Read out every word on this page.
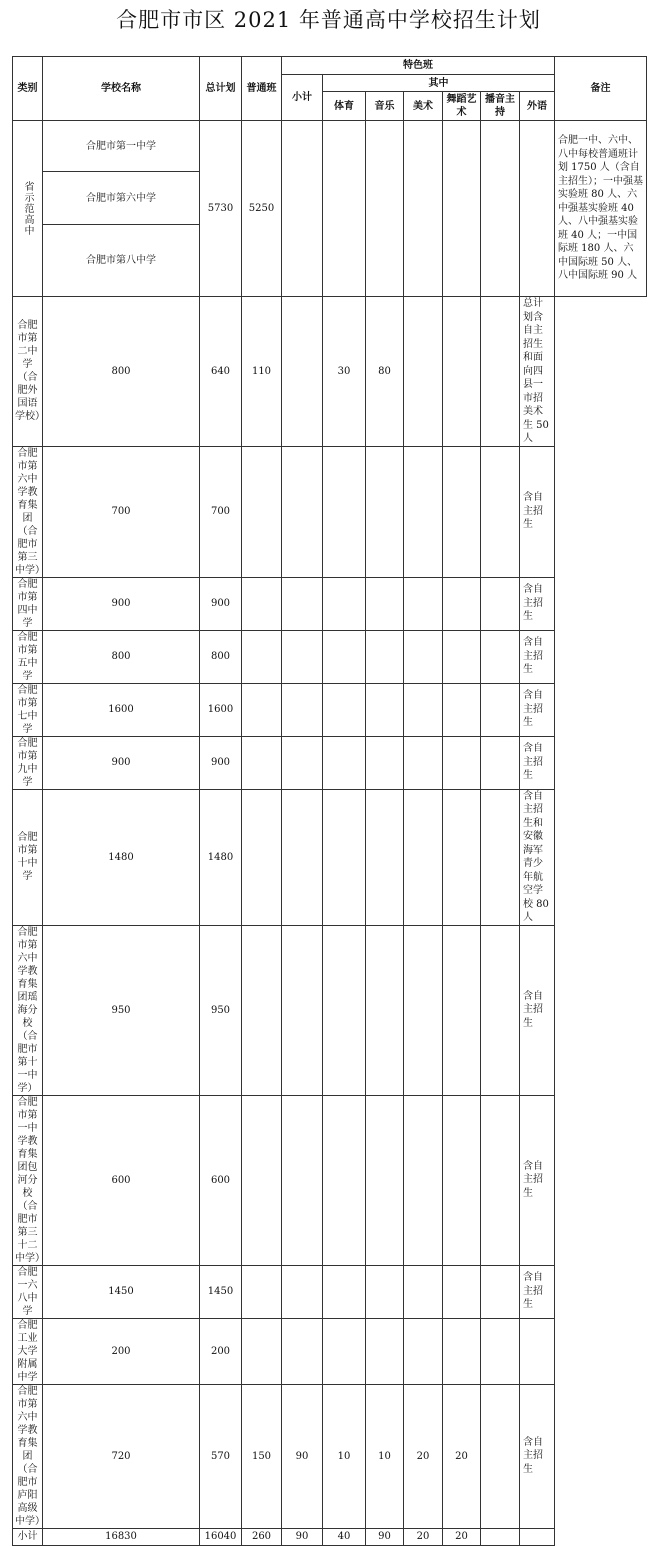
合肥市市区 2021 年普通高中学校招生计划
类别	学校名称	总计划	普通班	特色班							备注
				小计	其中						
					体育	音乐	美术	舞蹈艺术	播音主持	外语	
省示范高中	合肥市第一中学	5730	5250								合肥一中、六中、八中每校普通班计划 1750 人（含自主招生）；一中强基实验班 80 人、六中强基实验班 40 人、八中强基实验班 40 人；一中国际班 180 人、六中国际班 50 人、八中国际班 90 人
	合肥市第六中学										
	合肥市第八中学										
合肥市第二中学（合肥外国语学校）	800	640	110		30	80				总计划含自主招生和面向四县一市招美术生 50 人	
合肥市第六中学教育集团（合肥市第三中学）	700	700								含自主招生	
合肥市第四中学	900	900								含自主招生	
合肥市第五中学	800	800								含自主招生	
合肥市第七中学	1600	1600								含自主招生	
合肥市第九中学	900	900								含自主招生	
合肥市第十中学	1480	1480								含自主招生和安徽海军青少年航空学校 80 人	
合肥市第六中学教育集团瑶海分校（合肥市第十一中学）	950	950								含自主招生	
合肥市第一中学教育集团包河分校（合肥市第三十二中学）	600	600								含自主招生	
合肥一六八中学	1450	1450								含自主招生	
合肥工业大学附属中学	200	200									
合肥市第六中学教育集团（合肥市庐阳高级中学）	720	570	150	90	10	10	20	20		含自主招生	
小计	16830	16040	260	90	40	90	20	20			
